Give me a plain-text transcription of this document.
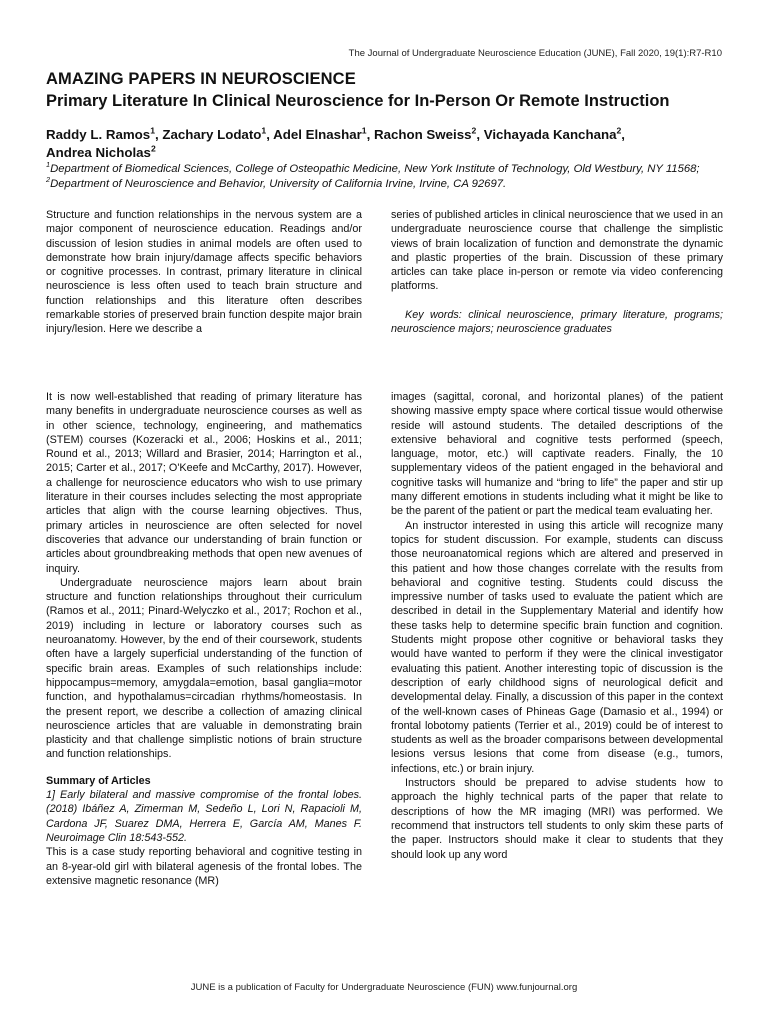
The Journal of Undergraduate Neuroscience Education (JUNE), Fall 2020, 19(1):R7-R10
AMAZING PAPERS IN NEUROSCIENCE
Primary Literature In Clinical Neuroscience for In-Person Or Remote Instruction
Raddy L. Ramos$^1$, Zachary Lodato$^1$, Adel Elnashar$^1$, Rachon Sweiss$^2$, Vichayada Kanchana$^2$,
Andrea Nicholas$^2$
$^1$Department of Biomedical Sciences, College of Osteopathic Medicine, New York Institute of Technology, Old Westbury, NY 11568; $^2$Department of Neuroscience and Behavior, University of California Irvine, Irvine, CA 92697.

Structure and function relationships in the nervous system are a major component of neuroscience education. Readings and/or discussion of lesion studies in animal models are often used to demonstrate how brain injury/damage affects specific behaviors or cognitive processes. In contrast, primary literature in clinical neuroscience is less often used to teach brain structure and function relationships and this literature often describes remarkable stories of preserved brain function despite major brain injury/lesion. Here we describe a

series of published articles in clinical neuroscience that we used in an undergraduate neuroscience course that challenge the simplistic views of brain localization of function and demonstrate the dynamic and plastic properties of the brain. Discussion of these primary articles can take place in-person or remote via video conferencing platforms.

Key words: clinical neuroscience, primary literature, programs; neuroscience majors; neuroscience graduates

It is now well-established that reading of primary literature has many benefits in undergraduate neuroscience courses as well as in other science, technology, engineering, and mathematics (STEM) courses (Kozeracki et al., 2006; Hoskins et al., 2011; Round et al., 2013; Willard and Brasier, 2014; Harrington et al., 2015; Carter et al., 2017; O'Keefe and McCarthy, 2017). However, a challenge for neuroscience educators who wish to use primary literature in their courses includes selecting the most appropriate articles that align with the course learning objectives. Thus, primary articles in neuroscience are often selected for novel discoveries that advance our understanding of brain function or articles about groundbreaking methods that open new avenues of inquiry.

Undergraduate neuroscience majors learn about brain structure and function relationships throughout their curriculum (Ramos et al., 2011; Pinard-Welyczko et al., 2017; Rochon et al., 2019) including in lecture or laboratory courses such as neuroanatomy. However, by the end of their coursework, students often have a largely superficial understanding of the function of specific brain areas. Examples of such relationships include: hippocampus=memory, amygdala=emotion, basal ganglia=motor function, and hypothalamus=circadian rhythms/homeostasis. In the present report, we describe a collection of amazing clinical neuroscience articles that are valuable in demonstrating brain plasticity and that challenge simplistic notions of brain structure and function relationships.

Summary of Articles

1] Early bilateral and massive compromise of the frontal lobes. (2018) Ibáñez A, Zimerman M, Sedeño L, Lori N, Rapacioli M, Cardona JF, Suarez DMA, Herrera E, García AM, Manes F. Neuroimage Clin 18:543-552.

This is a case study reporting behavioral and cognitive testing in an 8-year-old girl with bilateral agenesis of the frontal lobes. The extensive magnetic resonance (MR)

images (sagittal, coronal, and horizontal planes) of the patient showing massive empty space where cortical tissue would otherwise reside will astound students. The detailed descriptions of the extensive behavioral and cognitive tests performed (speech, language, motor, etc.) will captivate readers. Finally, the 10 supplementary videos of the patient engaged in the behavioral and cognitive tasks will humanize and “bring to life” the paper and stir up many different emotions in students including what it might be like to be the parent of the patient or part the medical team evaluating her.

An instructor interested in using this article will recognize many topics for student discussion. For example, students can discuss those neuroanatomical regions which are altered and preserved in this patient and how those changes correlate with the results from behavioral and cognitive testing. Students could discuss the impressive number of tasks used to evaluate the patient which are described in detail in the Supplementary Material and identify how these tasks help to determine specific brain function and cognition. Students might propose other cognitive or behavioral tasks they would have wanted to perform if they were the clinical investigator evaluating this patient. Another interesting topic of discussion is the description of early childhood signs of neurological deficit and developmental delay. Finally, a discussion of this paper in the context of the well-known cases of Phineas Gage (Damasio et al., 1994) or frontal lobotomy patients (Terrier et al., 2019) could be of interest to students as well as the broader comparisons between developmental lesions versus lesions that come from disease (e.g., tumors, infections, etc.) or brain injury.

Instructors should be prepared to advise students how to approach the highly technical parts of the paper that relate to descriptions of how the MR imaging (MRI) was performed. We recommend that instructors tell students to only skim these parts of the paper. Instructors should make it clear to students that they should look up any word

JUNE is a publication of Faculty for Undergraduate Neuroscience (FUN) www.funjournal.org
